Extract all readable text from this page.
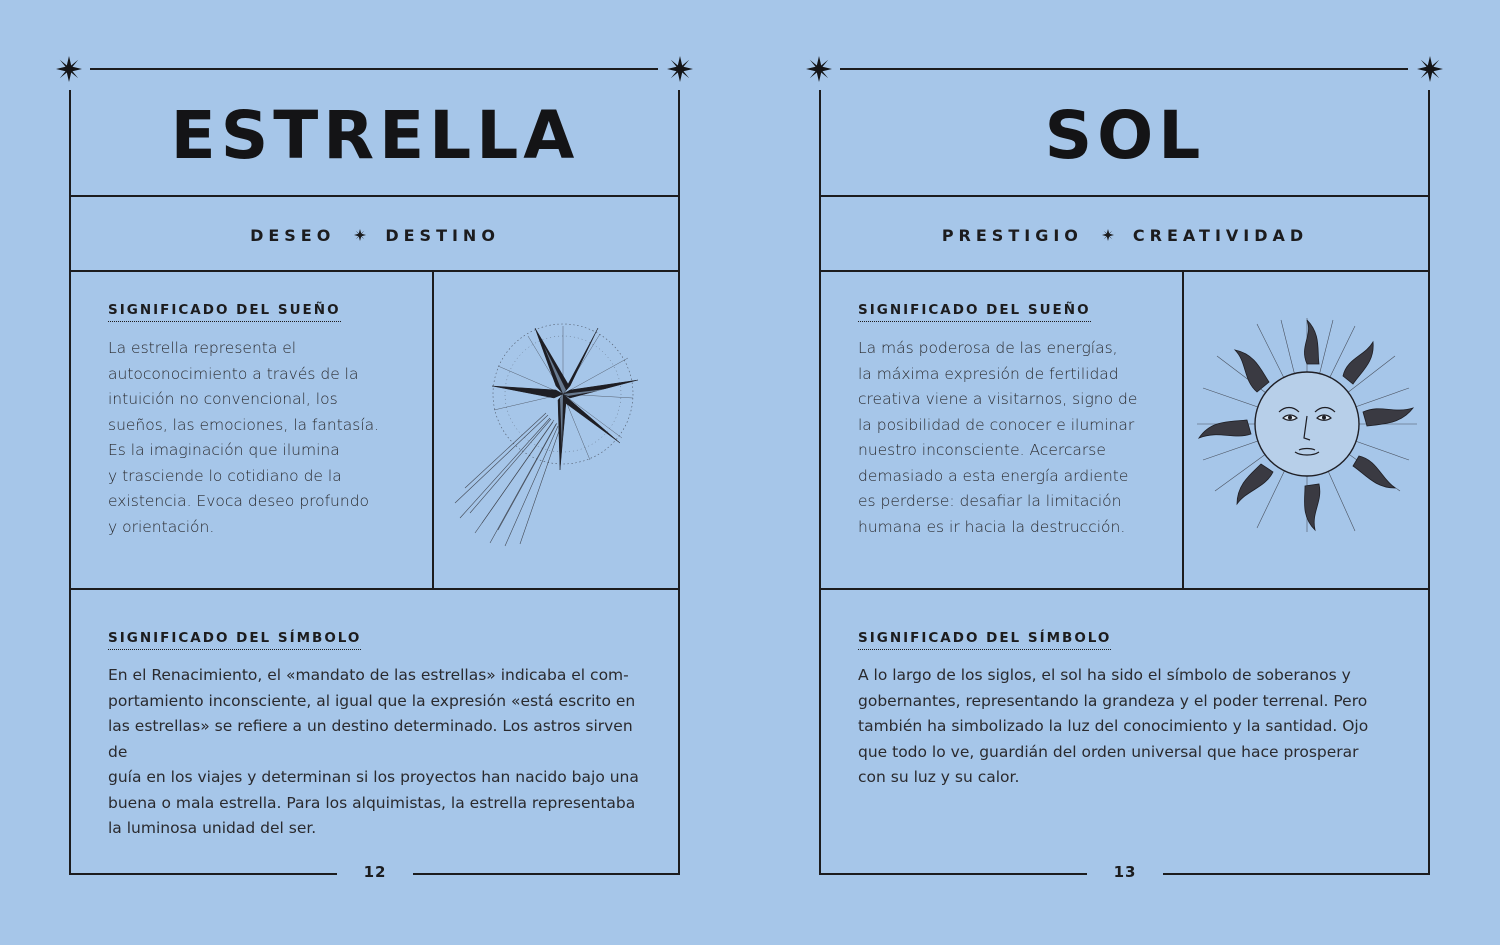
ESTRELLA
DESEO	DESTINO
SIGNIFICADO DEL SUEÑO
La estrella representa el
autoconocimiento a través de la
intuición no convencional, los
sueños, las emociones, la fantasía.
Es la imaginación que ilumina
y trasciende lo cotidiano de la
existencia. Evoca deseo profundo
y orientación.
SIGNIFICADO DEL SÍMBOLO
En el Renacimiento, el «mandato de las estrellas» indicaba el com-
portamiento inconsciente, al igual que la expresión «está escrito en
las estrellas» se refiere a un destino determinado. Los astros sirven de
guía en los viajes y determinan si los proyectos han nacido bajo una
buena o mala estrella. Para los alquimistas, la estrella representaba
la luminosa unidad del ser.
12
SOL
PRESTIGIO	CREATIVIDAD
SIGNIFICADO DEL SUEÑO
La más poderosa de las energías,
la máxima expresión de fertilidad
creativa viene a visitarnos, signo de
la posibilidad de conocer e iluminar
nuestro inconsciente. Acercarse
demasiado a esta energía ardiente
es perderse: desafiar la limitación
humana es ir hacia la destrucción.
SIGNIFICADO DEL SÍMBOLO
A lo largo de los siglos, el sol ha sido el símbolo de soberanos y
gobernantes, representando la grandeza y el poder terrenal. Pero
también ha simbolizado la luz del conocimiento y la santidad. Ojo
que todo lo ve, guardián del orden universal que hace prosperar
con su luz y su calor.
13
